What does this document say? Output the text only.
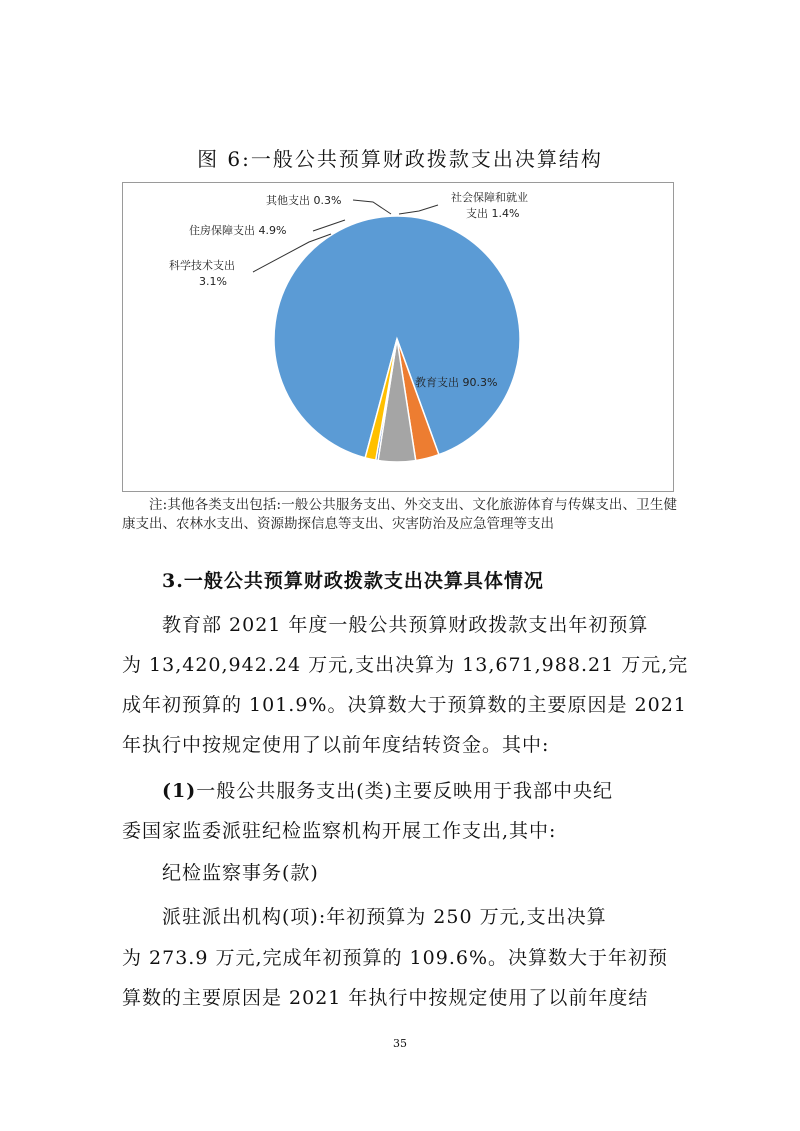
图 6:一般公共预算财政拨款支出决算结构
教育支出 90.3%
科学技术支出
3.1%
住房保障支出 4.9%
其他支出 0.3%	社会保障和就业
支出 1.4%
注:其他各类支出包括:一般公共服务支出、外交支出、文化旅游体育与传媒支出、卫生健康支出、农林水支出、资源勘探信息等支出、灾害防治及应急管理等支出
3.一般公共预算财政拨款支出决算具体情况
教育部 2021 年度一般公共预算财政拨款支出年初预算
为 13,420,942.24 万元,支出决算为 13,671,988.21 万元,完
成年初预算的 101.9%。决算数大于预算数的主要原因是 2021
年执行中按规定使用了以前年度结转资金。其中:
(1)一般公共服务支出(类)主要反映用于我部中央纪
委国家监委派驻纪检监察机构开展工作支出,其中:
纪检监察事务(款)
派驻派出机构(项):年初预算为 250 万元,支出决算
为 273.9 万元,完成年初预算的 109.6%。决算数大于年初预
算数的主要原因是 2021 年执行中按规定使用了以前年度结
35
